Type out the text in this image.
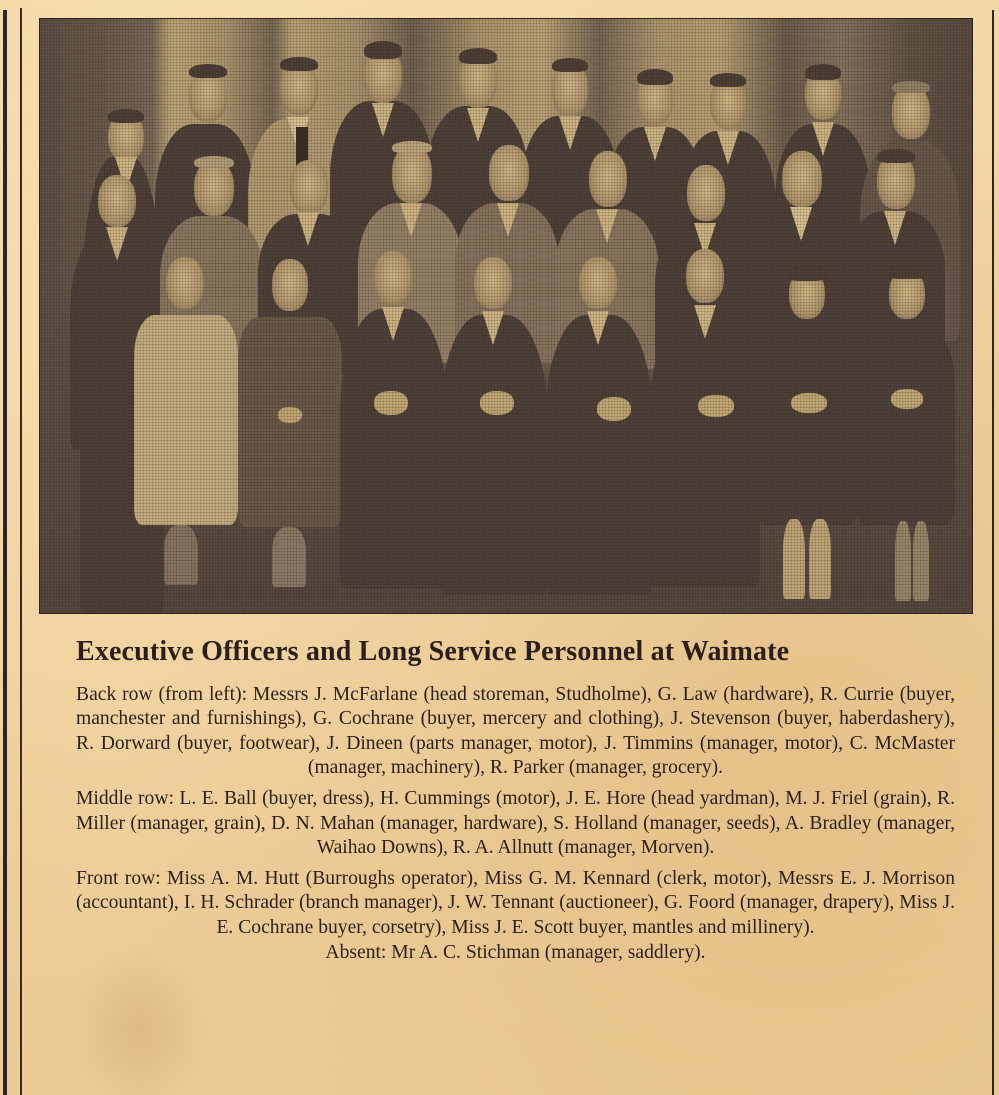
Executive Officers and Long Service Personnel at Waimate

Back row (from left): Messrs J. McFarlane (head storeman, Studholme), G. Law (hardware), R. Currie (buyer, manchester and furnishings), G. Cochrane (buyer, mercery and clothing), J. Stevenson (buyer, haberdashery), R. Dorward (buyer, footwear), J. Dineen (parts manager, motor), J. Timmins (manager, motor), C. McMaster (manager, machinery), R. Parker (manager, grocery).

Middle row: L. E. Ball (buyer, dress), H. Cummings (motor), J. E. Hore (head yardman), M. J. Friel (grain), R. Miller (manager, grain), D. N. Mahan (manager, hardware), S. Holland (manager, seeds), A. Bradley (manager, Waihao Downs), R. A. Allnutt (manager, Morven).

Front row: Miss A. M. Hutt (Burroughs operator), Miss G. M. Kennard (clerk, motor), Messrs E. J. Morrison (accountant), I. H. Schrader (branch manager), J. W. Tennant (auctioneer), G. Foord (manager, drapery), Miss J. E. Cochrane buyer, corsetry), Miss J. E. Scott buyer, mantles and millinery).

Absent: Mr A. C. Stichman (manager, saddlery).
